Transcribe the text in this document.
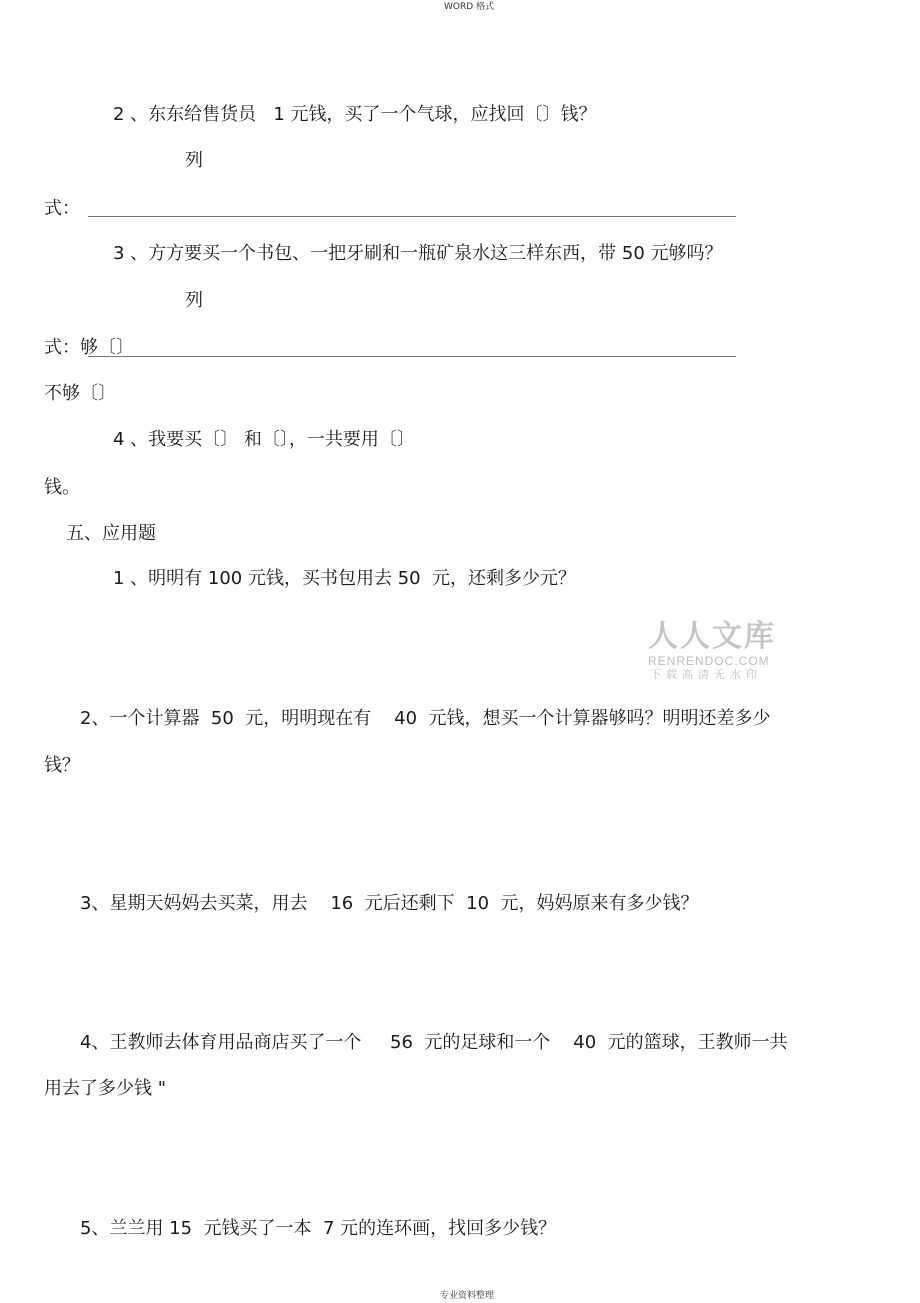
WORD 格式
2 、东东给售货员   1 元钱，买了一个气球，应找回〔〕钱？
列
式：
3 、方方要买一个书包、一把牙刷和一瓶矿泉水这三样东西，带 50 元够吗？
列
式：够〔〕
不够〔〕
4 、我要买〔〕 和〔〕，一共要用〔〕
钱。
五、应用题
1 、明明有 100 元钱，买书包用去 50  元，还剩多少元？
人人文库
RENRENDOC.COM
下载高清无水印
2、一个计算器  50  元，明明现在有    40  元钱，想买一个计算器够吗？明明还差多少
钱？
3、星期天妈妈去买菜，用去    16  元后还剩下  10  元，妈妈原来有多少钱？
4、王教师去体育用品商店买了一个     56  元的足球和一个    40  元的篮球，王教师一共
用去了多少钱 "
5、兰兰用 15  元钱买了一本  7 元的连环画，找回多少钱？
专业资料整理
